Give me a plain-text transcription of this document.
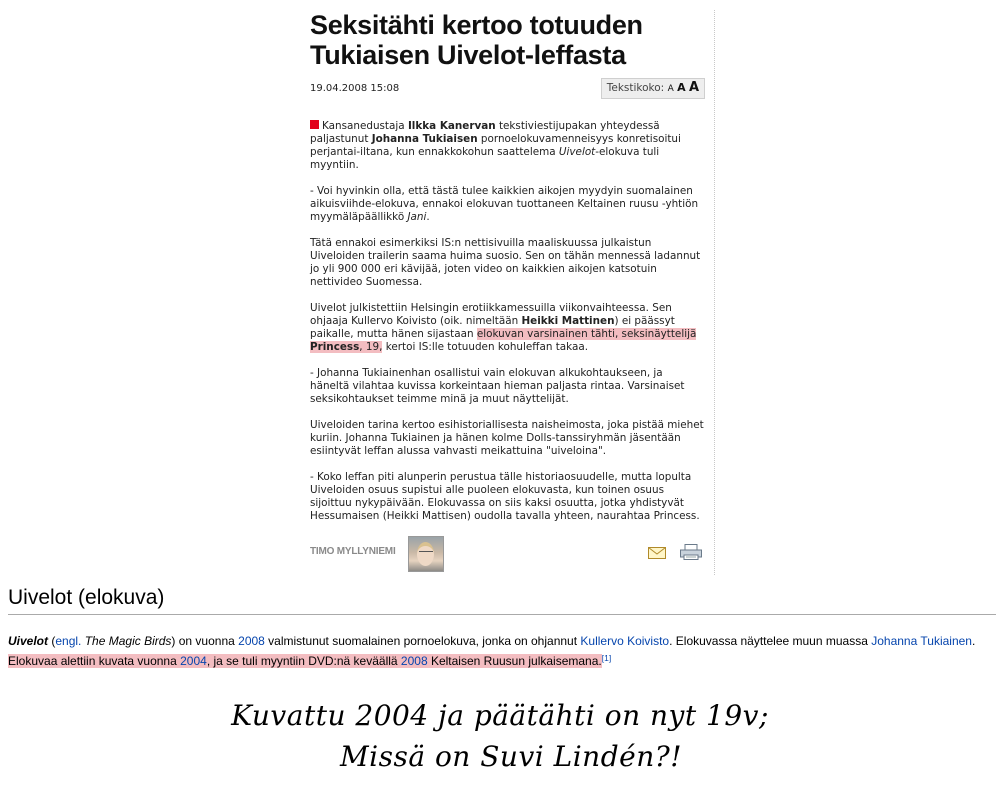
Seksitähti kertoo totuuden Tukiaisen Uivelot-leffasta
19.04.2008 15:08	Tekstikoko: A A A

Kansanedustaja Ilkka Kanervan tekstiviestijupakan yhteydessä paljastunut Johanna Tukiaisen pornoelokuvamenneisyys konretisoitui perjantai-iltana, kun ennakkokohun saattelema Uivelot-elokuva tuli myyntiin.

- Voi hyvinkin olla, että tästä tulee kaikkien aikojen myydyin suomalainen aikuisviihde-elokuva, ennakoi elokuvan tuottaneen Keltainen ruusu -yhtiön myymäläpäällikkö Jani.

Tätä ennakoi esimerkiksi IS:n nettisivuilla maaliskuussa julkaistun Uiveloiden trailerin saama huima suosio. Sen on tähän mennessä ladannut jo yli 900 000 eri kävijää, joten video on kaikkien aikojen katsotuin nettivideo Suomessa.

Uivelot julkistettiin Helsingin erotiikkamessuilla viikonvaihteessa. Sen ohjaaja Kullervo Koivisto (oik. nimeltään Heikki Mattinen) ei päässyt paikalle, mutta hänen sijastaan elokuvan varsinainen tähti, seksinäyttelijä Princess, 19, kertoi IS:lle totuuden kohuleffan takaa.

- Johanna Tukiainenhan osallistui vain elokuvan alkukohtaukseen, ja häneltä vilahtaa kuvissa korkeintaan hieman paljasta rintaa. Varsinaiset seksikohtaukset teimme minä ja muut näyttelijät.

Uiveloiden tarina kertoo esihistoriallisesta naisheimosta, joka pistää miehet kuriin. Johanna Tukiainen ja hänen kolme Dolls-tanssiryhmän jäsentään esiintyvät leffan alussa vahvasti meikattuina "uiveloina".

- Koko leffan piti alunperin perustua tälle historiaosuudelle, mutta lopulta Uiveloiden osuus supistui alle puoleen elokuvasta, kun toinen osuus sijoittuu nykypäivään. Elokuvassa on siis kaksi osuutta, jotka yhdistyvät Hessumaisen (Heikki Mattisen) oudolla tavalla yhteen, naurahtaa Princess.

TIMO MYLLYNIEMI
Uivelot (elokuva)
Uivelot (engl. The Magic Birds) on vuonna 2008 valmistunut suomalainen pornoelokuva, jonka on ohjannut Kullervo Koivisto. Elokuvassa näyttelee muun muassa Johanna Tukiainen. Elokuvaa alettiin kuvata vuonna 2004, ja se tuli myyntiin DVD:nä keväällä 2008 Keltaisen Ruusun julkaisemana.[1]
Kuvattu 2004 ja päätähti on nyt 19v;
Missä on Suvi Lindén?!
